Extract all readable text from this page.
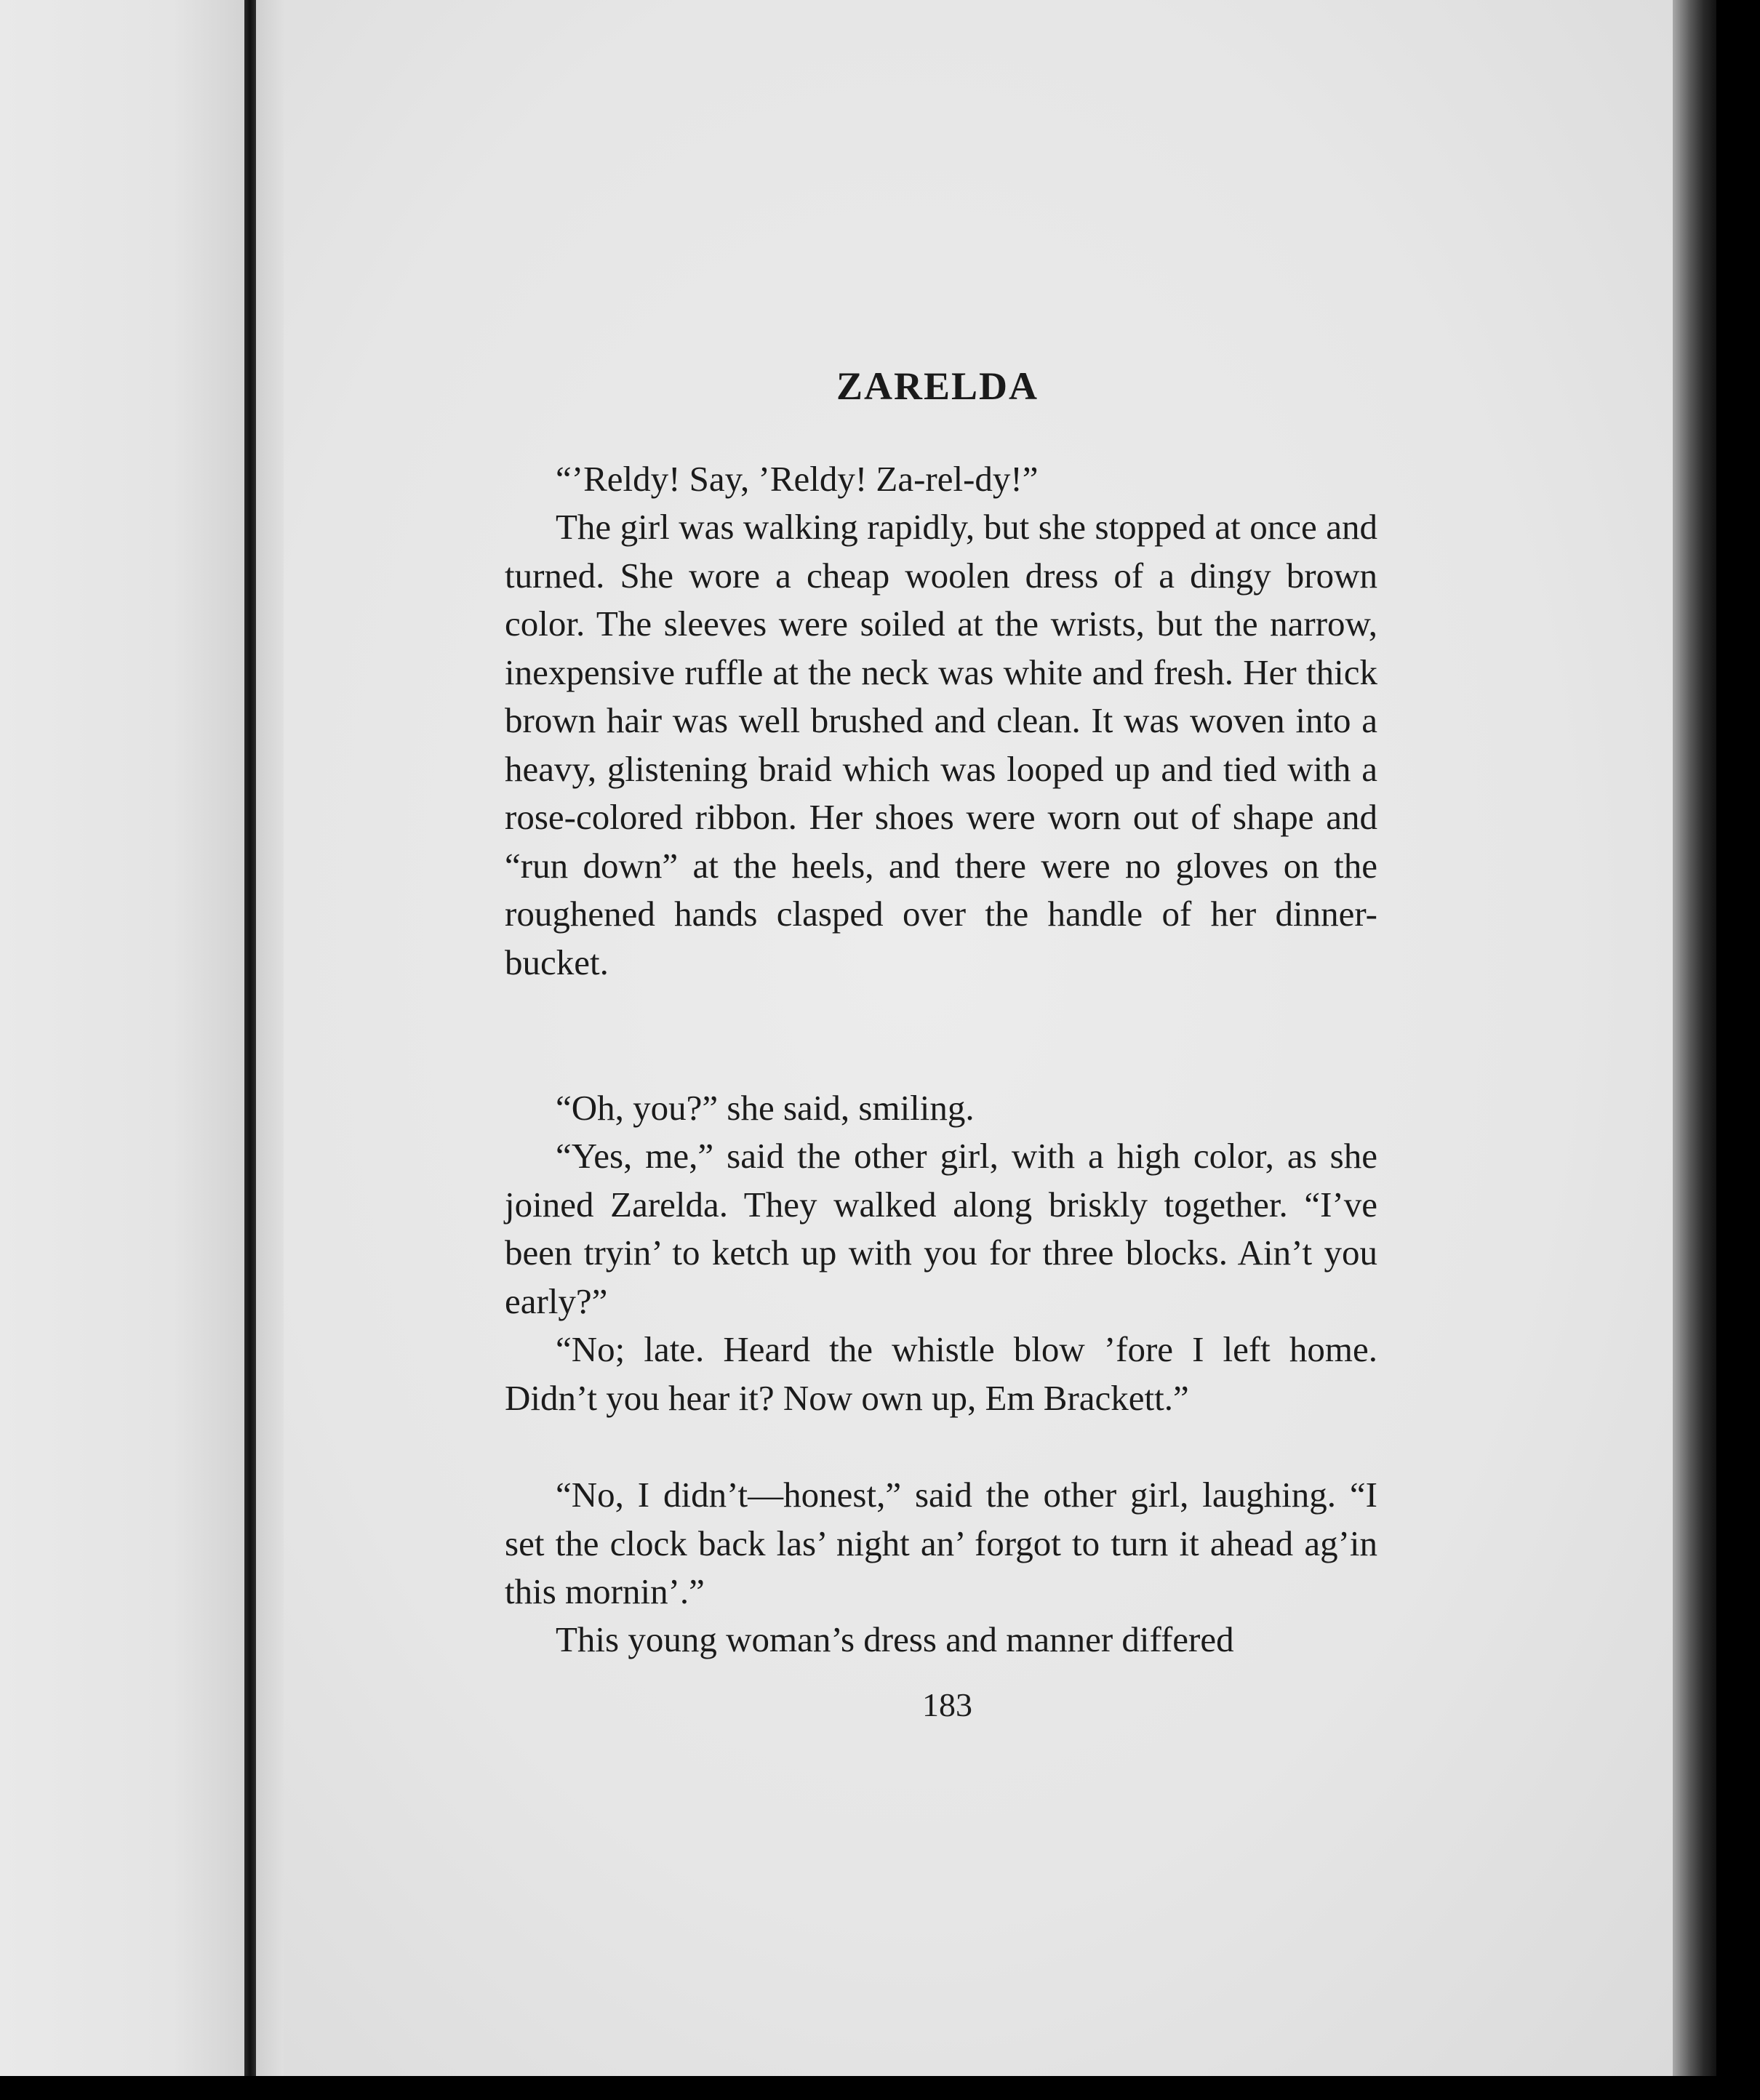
ZARELDA

“’Reldy! Say, ’Reldy! Za-rel-dy!”

The girl was walking rapidly, but she stopped at once and turned. She wore a cheap woolen dress of a dingy brown color. The sleeves were soiled at the wrists, but the narrow, inexpensive ruffle at the neck was white and fresh. Her thick brown hair was well brushed and clean. It was woven into a heavy, glistening braid which was looped up and tied with a rose-colored ribbon. Her shoes were worn out of shape and “run down” at the heels, and there were no gloves on the roughened hands clasped over the handle of her dinner-bucket.

“Oh, you?” she said, smiling.

“Yes, me,” said the other girl, with a high color, as she joined Zarelda. They walked along briskly together. “I’ve been tryin’ to ketch up with you for three blocks. Ain’t you early?”

“No; late. Heard the whistle blow ’fore I left home. Didn’t you hear it? Now own up, Em Brackett.”

“No, I didn’t—honest,” said the other girl, laughing. “I set the clock back las’ night an’ forgot to turn it ahead ag’in this mornin’.”

This young woman’s dress and manner differed

183
